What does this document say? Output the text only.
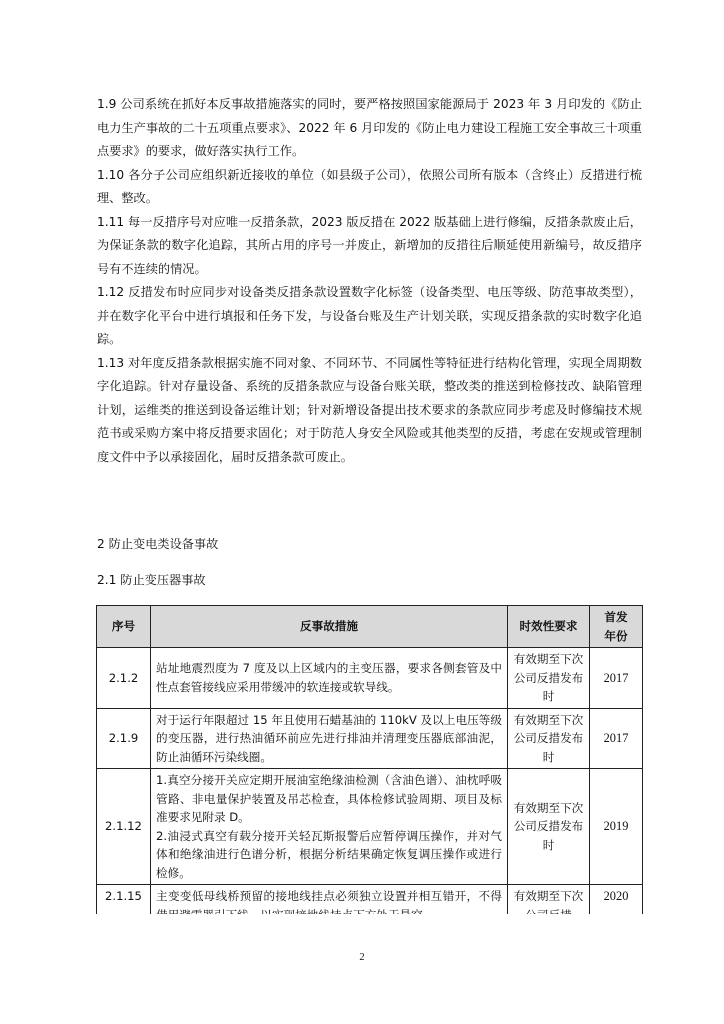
1.9 公司系统在抓好本反事故措施落实的同时，要严格按照国家能源局于 2023 年 3 月印发的《防止电力生产事故的二十五项重点要求》、2022 年 6 月印发的《防止电力建设工程施工安全事故三十项重点要求》的要求，做好落实执行工作。

1.10 各分子公司应组织新近接收的单位（如县级子公司），依照公司所有版本（含终止）反措进行梳理、整改。

1.11 每一反措序号对应唯一反措条款，2023 版反措在 2022 版基础上进行修编，反措条款废止后，为保证条款的数字化追踪，其所占用的序号一并废止，新增加的反措往后顺延使用新编号，故反措序号有不连续的情况。

1.12 反措发布时应同步对设备类反措条款设置数字化标签（设备类型、电压等级、防范事故类型），并在数字化平台中进行填报和任务下发，与设备台账及生产计划关联，实现反措条款的实时数字化追踪。

1.13 对年度反措条款根据实施不同对象、不同环节、不同属性等特征进行结构化管理，实现全周期数字化追踪。针对存量设备、系统的反措条款应与设备台账关联，整改类的推送到检修技改、缺陷管理计划，运维类的推送到设备运维计划；针对新增设备提出技术要求的条款应同步考虑及时修编技术规范书或采购方案中将反措要求固化；对于防范人身安全风险或其他类型的反措，考虑在安规或管理制度文件中予以承接固化，届时反措条款可废止。

2 防止变电类设备事故

2.1 防止变压器事故

序号	反事故措施	时效性要求	首发
年份

2.1.2	站址地震烈度为 7 度及以上区域内的主变压器，要求各侧套管及中性点套管接线应采用带缓冲的软连接或软导线。	有效期至下次公司反措发布时	2017
2.1.9	对于运行年限超过 15 年且使用石蜡基油的 110kV 及以上电压等级的变压器，进行热油循环前应先进行排油并清理变压器底部油泥，防止油循环污染线圈。	有效期至下次公司反措发布时	2017
2.1.12	1.真空分接开关应定期开展油室绝缘油检测（含油色谱）、油枕呼吸管路、非电量保护装置及吊芯检查，具体检修试验周期、项目及标准要求见附录 D。
2.油浸式真空有载分接开关轻瓦斯报警后应暂停调压操作，并对气体和绝缘油进行色谱分析，根据分析结果确定恢复调压操作或进行检修。	有效期至下次公司反措发布时	2019
2.1.15	主变变低母线桥预留的接地线挂点必须独立设置并相互错开，不得	有效期至下次	2020
2
